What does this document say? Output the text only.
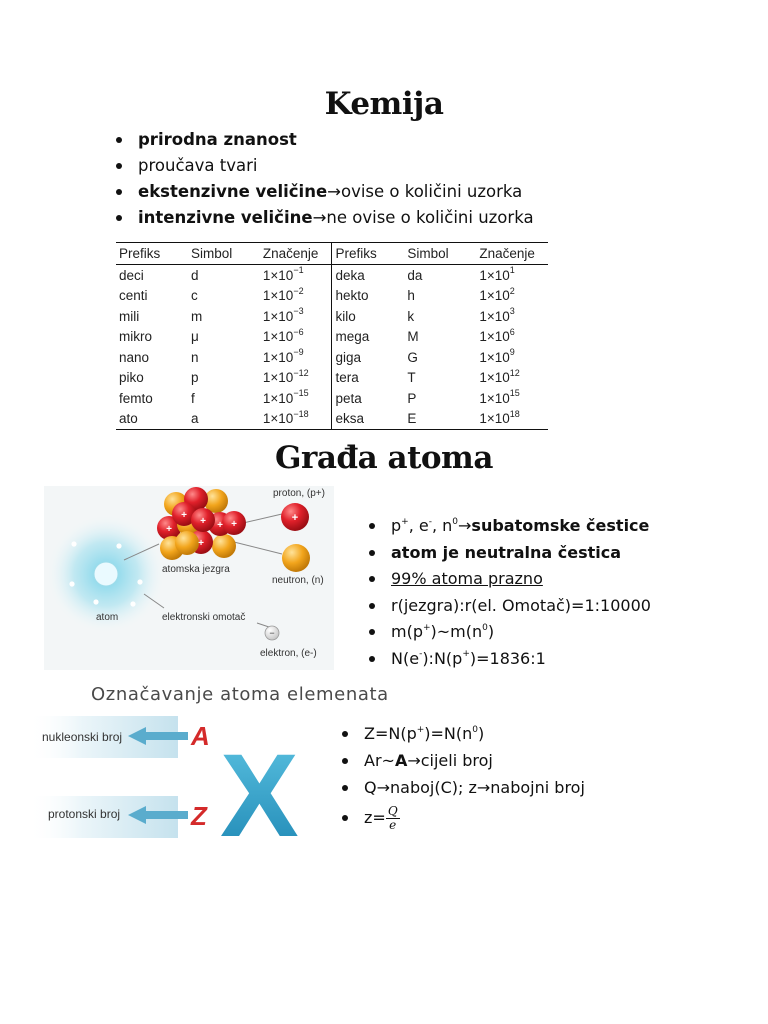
Kemija
prirodna znanost
proučava tvari
ekstenzivne veličine→ovise o količini uzorka
intenzivne veličine→ne ovise o količini uzorka
Prefiks	Simbol	Značenje	Prefiks	Simbol	Značenje
deci	d	$1\times 10^{-1}$	deka	da	$1\times 10^1$
centi	c	$1\times 10^{-2}$	hekto	h	$1\times 10^2$
mili	m	$1\times 10^{-3}$	kilo	k	$1\times 10^3$
mikro	μ	$1\times 10^{-6}$	mega	M	$1\times 10^6$
nano	n	$1\times 10^{-9}$	giga	G	$1\times 10^9$
piko	p	$1\times 10^{-12}$	tera	T	$1\times 10^{12}$
femto	f	$1\times 10^{-15}$	peta	P	$1\times 10^{15}$
ato	a	$1\times 10^{-18}$	eksa	E	$1\times 10^{18}$
Građa atoma
+
+ +
+
+
+
+
−
proton, (p+)
neutron, (n)
atomska jezgra
atom	elektronski omotač
elektron, (e-)
p+, e-, $n^0\to subatomske$ čestice
atom je neutralna čestica
99% atoma prazno
r(jezgra):r(el. Omotač)=1:10000
$m(p^+)\sim m(n^0)$
N(e-):N(p+)=1836:1
Označavanje atoma elemenata
nukleonski broj
protonski broj
A
Z X	$Z=N(p^+)=N(n^0)$
Ar~A→cijeli broj
Q→naboj(C); z→nabojni broj
$z= \frac{Q}{e}$
